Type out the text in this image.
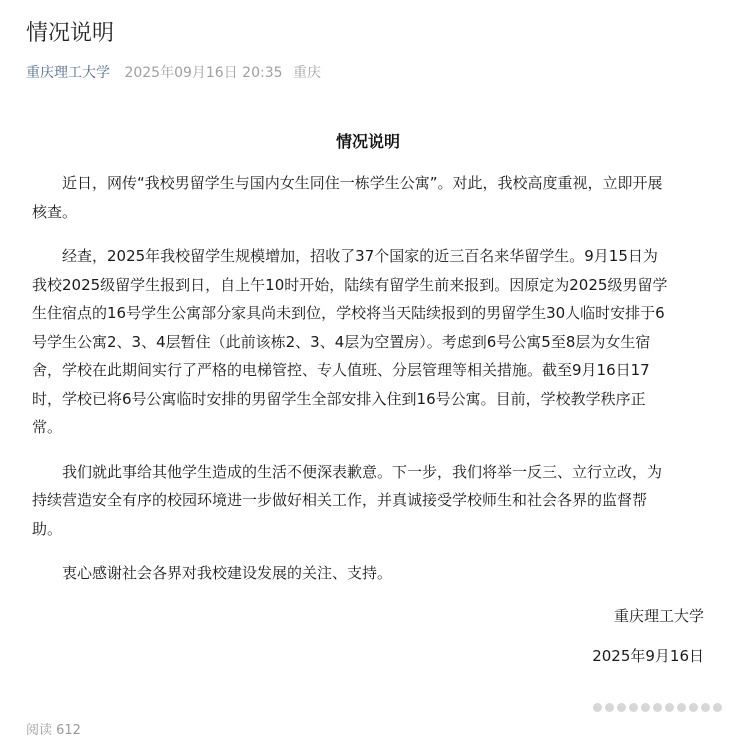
情况说明
重庆理工大学 2025年09月16日 20:35 重庆
情况说明
近日，网传“我校男留学生与国内女生同住一栋学生公寓”。对此，我校高度重视，立即开展
核查。
经查，2025年我校留学生规模增加，招收了37个国家的近三百名来华留学生。9月15日为
我校2025级留学生报到日，自上午10时开始，陆续有留学生前来报到。因原定为2025级男留学
生住宿点的16号学生公寓部分家具尚未到位，学校将当天陆续报到的男留学生30人临时安排于6
号学生公寓2、3、4层暂住（此前该栋2、3、4层为空置房）。考虑到6号公寓5至8层为女生宿
舍，学校在此期间实行了严格的电梯管控、专人值班、分层管理等相关措施。截至9月16日17
时，学校已将6号公寓临时安排的男留学生全部安排入住到16号公寓。目前，学校教学秩序正
常。
我们就此事给其他学生造成的生活不便深表歉意。下一步，我们将举一反三、立行立改，为
持续营造安全有序的校园环境进一步做好相关工作，并真诚接受学校师生和社会各界的监督帮
助。
衷心感谢社会各界对我校建设发展的关注、支持。
重庆理工大学
2025年9月16日
阅读 612
